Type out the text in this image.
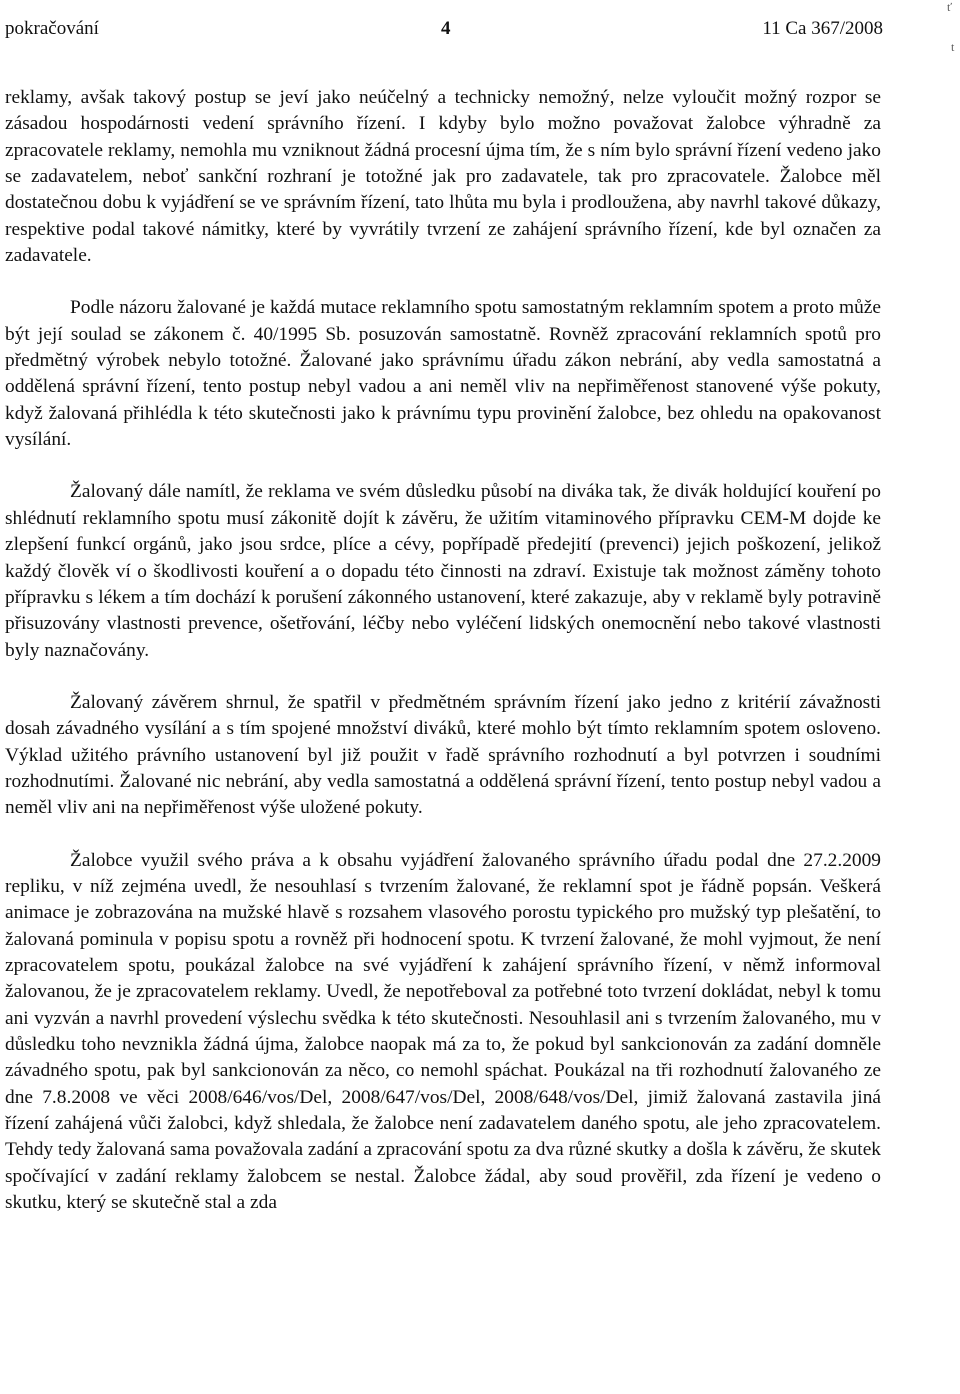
ť
t
pokračování	4	11 Ca 367/2008

reklamy, avšak takový postup se jeví jako neúčelný a technicky nemožný, nelze vyloučit možný rozpor se zásadou hospodárnosti vedení správního řízení. I kdyby bylo možno považovat žalobce výhradně za zpracovatele reklamy, nemohla mu vzniknout žádná procesní újma tím, že s ním bylo správní řízení vedeno jako se zadavatelem, neboť sankční rozhraní je totožné jak pro zadavatele, tak pro zpracovatele. Žalobce měl dostatečnou dobu k vyjádření se ve správním řízení, tato lhůta mu byla i prodloužena, aby navrhl takové důkazy, respektive podal takové námitky, které by vyvrátily tvrzení ze zahájení správního řízení, kde byl označen za zadavatele.

Podle názoru žalované je každá mutace reklamního spotu samostatným reklamním spotem a proto může být její soulad se zákonem č. 40/1995 Sb. posuzován samostatně. Rovněž zpracování reklamních spotů pro předmětný výrobek nebylo totožné. Žalované jako správnímu úřadu zákon nebrání, aby vedla samostatná a oddělená správní řízení, tento postup nebyl vadou a ani neměl vliv na nepřiměřenost stanovené výše pokuty, když žalovaná přihlédla k této skutečnosti jako k právnímu typu provinění žalobce, bez ohledu na opakovanost vysílání.

Žalovaný dále namítl, že reklama ve svém důsledku působí na diváka tak, že divák holdující kouření po shlédnutí reklamního spotu musí zákonitě dojít k závěru, že užitím vitaminového přípravku CEM-M dojde ke zlepšení funkcí orgánů, jako jsou srdce, plíce a cévy, popřípadě předejití (prevenci) jejich poškození, jelikož každý člověk ví o škodlivosti kouření a o dopadu této činnosti na zdraví. Existuje tak možnost záměny tohoto přípravku s lékem a tím dochází k porušení zákonného ustanovení, které zakazuje, aby v reklamě byly potravině přisuzovány vlastnosti prevence, ošetřování, léčby nebo vyléčení lidských onemocnění nebo takové vlastnosti byly naznačovány.

Žalovaný závěrem shrnul, že spatřil v předmětném správním řízení jako jedno z kritérií závažnosti dosah závadného vysílání a s tím spojené množství diváků, které mohlo být tímto reklamním spotem osloveno. Výklad užitého právního ustanovení byl již použit v řadě správního rozhodnutí a byl potvrzen i soudními rozhodnutími. Žalované nic nebrání, aby vedla samostatná a oddělená správní řízení, tento postup nebyl vadou a neměl vliv ani na nepřiměřenost výše uložené pokuty.

Žalobce využil svého práva a k obsahu vyjádření žalovaného správního úřadu podal dne 27.2.2009 repliku, v níž zejména uvedl, že nesouhlasí s tvrzením žalované, že reklamní spot je řádně popsán. Veškerá animace je zobrazována na mužské hlavě s rozsahem vlasového porostu typického pro mužský typ plešatění, to žalovaná pominula v popisu spotu a rovněž při hodnocení spotu. K tvrzení žalované, že mohl vyjmout, že není zpracovatelem spotu, poukázal žalobce na své vyjádření k zahájení správního řízení, v němž informoval žalovanou, že je zpracovatelem reklamy. Uvedl, že nepotřeboval za potřebné toto tvrzení dokládat, nebyl k tomu ani vyzván a navrhl provedení výslechu svědka k této skutečnosti. Nesouhlasil ani s tvrzením žalovaného, mu v důsledku toho nevznikla žádná újma, žalobce naopak má za to, že pokud byl sankcionován za zadání domněle závadného spotu, pak byl sankcionován za něco, co nemohl spáchat. Poukázal na tři rozhodnutí žalovaného ze dne 7.8.2008 ve věci 2008/646/vos/Del, 2008/647/vos/Del, 2008/648/vos/Del, jimiž žalovaná zastavila jiná řízení zahájená vůči žalobci, když shledala, že žalobce není zadavatelem daného spotu, ale jeho zpracovatelem. Tehdy tedy žalovaná sama považovala zadání a zpracování spotu za dva různé skutky a došla k závěru, že skutek spočívající v zadání reklamy žalobcem se nestal. Žalobce žádal, aby soud prověřil, zda řízení je vedeno o skutku, který se skutečně stal a zda
